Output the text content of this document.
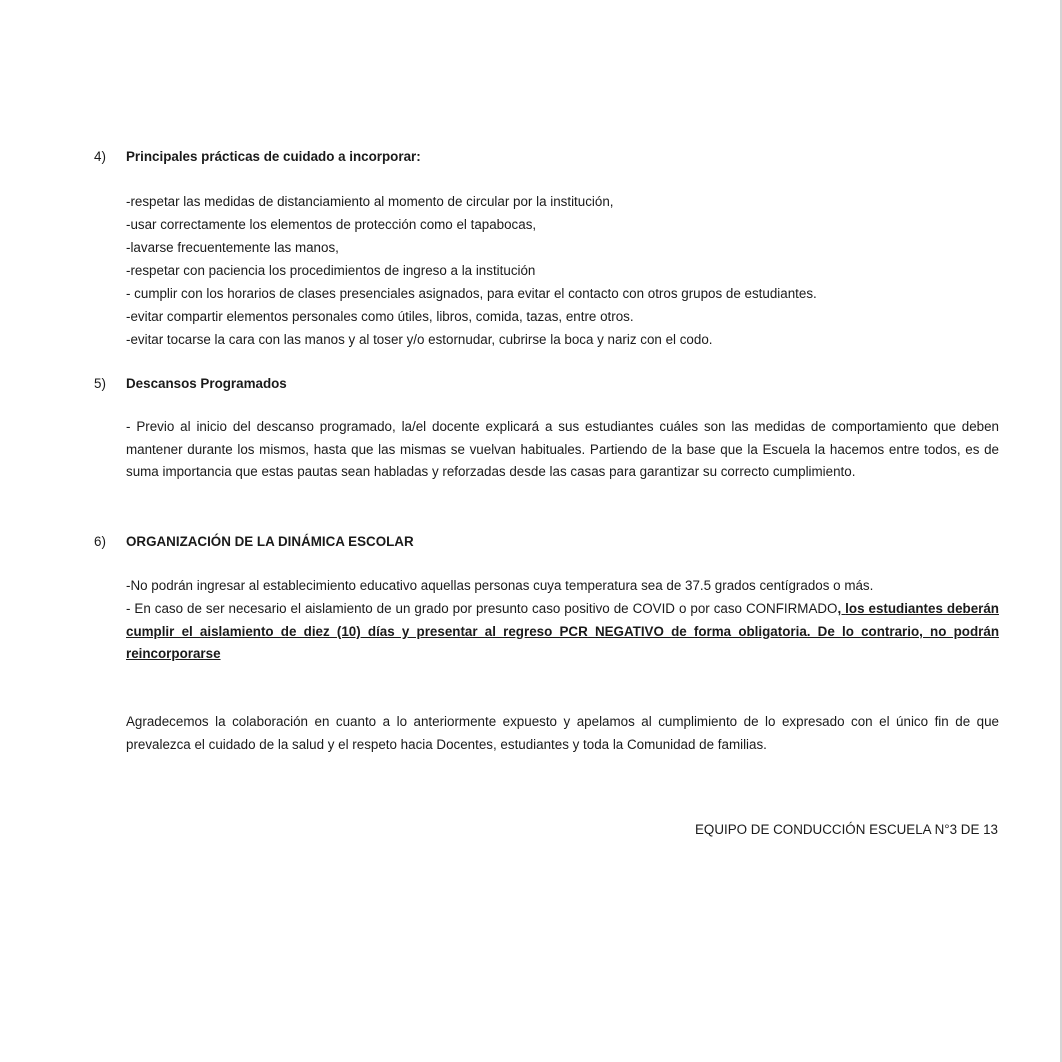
4)	Principales prácticas de cuidado a incorporar:
-respetar las medidas de distanciamiento al momento de circular por la institución,
-usar correctamente los elementos de protección como el tapabocas,
-lavarse frecuentemente las manos,
-respetar con paciencia los procedimientos de ingreso a la institución
- cumplir con los horarios de clases presenciales asignados, para evitar el contacto con otros grupos de estudiantes.
-evitar compartir elementos personales como útiles, libros, comida, tazas, entre otros.
-evitar tocarse la cara con las manos y al toser y/o estornudar, cubrirse la boca y nariz con el codo.
5)	Descansos Programados
- Previo al inicio del descanso programado, la/el docente explicará a sus estudiantes cuáles son las medidas de comportamiento que deben mantener durante los mismos, hasta que las mismas se vuelvan habituales. Partiendo de la base que la Escuela la hacemos entre todos, es de suma importancia que estas pautas sean habladas y reforzadas desde las casas para garantizar su correcto cumplimiento.
6)	ORGANIZACIÓN DE LA DINÁMICA ESCOLAR
-No podrán ingresar al establecimiento educativo aquellas personas cuya temperatura sea de 37.5 grados centígrados o más.
- En caso de ser necesario el aislamiento de un grado por presunto caso positivo de COVID o por caso CONFIRMADO, los estudiantes deberán cumplir el aislamiento de diez (10) días y presentar al regreso PCR NEGATIVO de forma obligatoria. De lo contrario, no podrán reincorporarse
Agradecemos la colaboración en cuanto a lo anteriormente expuesto y apelamos al cumplimiento de lo expresado con el único fin de que prevalezca el cuidado de la salud y el respeto hacia Docentes, estudiantes y toda la Comunidad de familias.
EQUIPO DE CONDUCCIÓN ESCUELA N°3 DE 13
